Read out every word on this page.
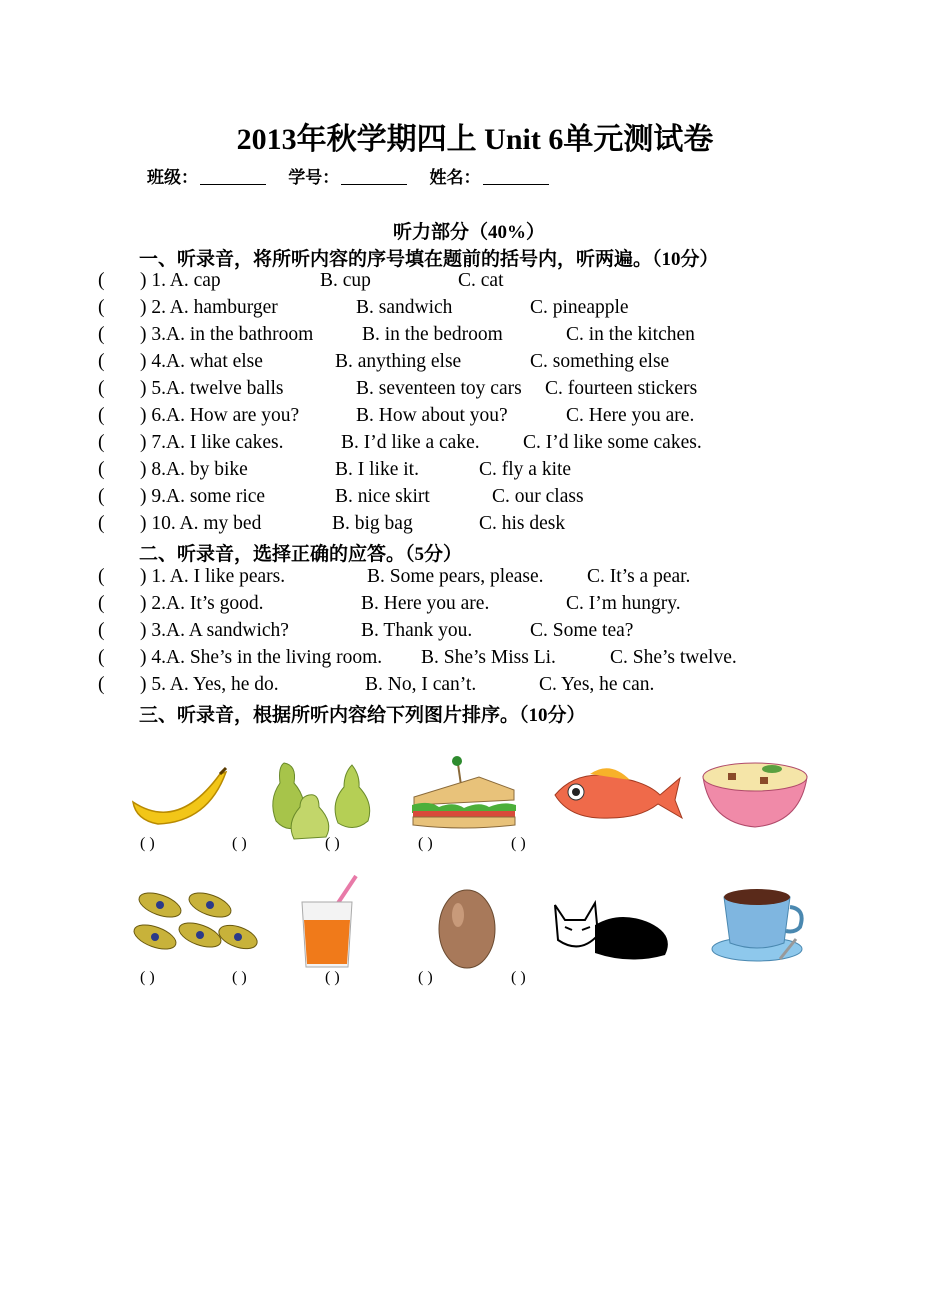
2013年秋学期四上 Unit 6单元测试卷
班级：	学号：	姓名：
听力部分（40%）
一、听录音，将所听内容的序号填在题前的括号内，听两遍。（10分）
( ) 1. A. cap	B. cup	C. cat
( ) 2. A. hamburger	B. sandwich	C. pineapple
( ) 3.A. in the bathroom B. in the bedroom	C. in the kitchen
( ) 4.A. what else	B. anything else	C. something else
( ) 5.A. twelve balls	B. seventeen toy cars C. fourteen stickers
( ) 6.A. How are you?	B. How about you?	C. Here you are.
( ) 7.A. I like cakes.	B. I’d like a cake. C. I’d like some cakes.
( ) 8.A. by bike	B. I like it.	C. fly a kite
( ) 9.A. some rice	B. nice skirt	C. our class
( ) 10. A. my bed	B. big bag	C. his desk
二、听录音，选择正确的应答。（5分）
( ) 1. A. I like pears.	B. Some pears, please. C. It’s a pear.
( ) 2.A. It’s good.	B. Here you are.	C. I’m hungry.
( ) 3.A. A sandwich?	B. Thank you.	C. Some tea?
( ) 4.A. She’s in the living room. B. She’s Miss Li.	C. She’s twelve.
( ) 5. A. Yes, he do.	B. No, I can’t.	C. Yes, he can.
三、听录音，根据所听内容给下列图片排序。（10分）
( )	( )	( )	( )	( )
( )	( )	( )	( )	( )
